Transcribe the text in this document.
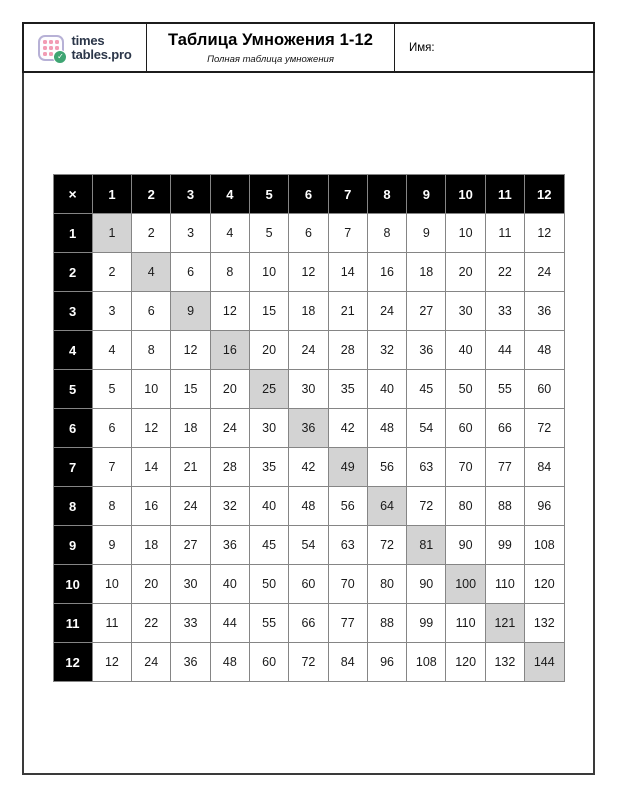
✓
times
tables.pro
Таблица Умножения 1-12
Полная таблица умножения
Имя:
×	1	2	3	4	5	6	7	8	9	10	11	12
1	1	2	3	4	5	6	7	8	9	10	11	12
2	2	4	6	8	10	12	14	16	18	20	22	24
3	3	6	9	12	15	18	21	24	27	30	33	36
4	4	8	12	16	20	24	28	32	36	40	44	48
5	5	10	15	20	25	30	35	40	45	50	55	60
6	6	12	18	24	30	36	42	48	54	60	66	72
7	7	14	21	28	35	42	49	56	63	70	77	84
8	8	16	24	32	40	48	56	64	72	80	88	96
9	9	18	27	36	45	54	63	72	81	90	99	108
10	10	20	30	40	50	60	70	80	90	100	110	120
11	11	22	33	44	55	66	77	88	99	110	121	132
12	12	24	36	48	60	72	84	96	108	120	132	144
